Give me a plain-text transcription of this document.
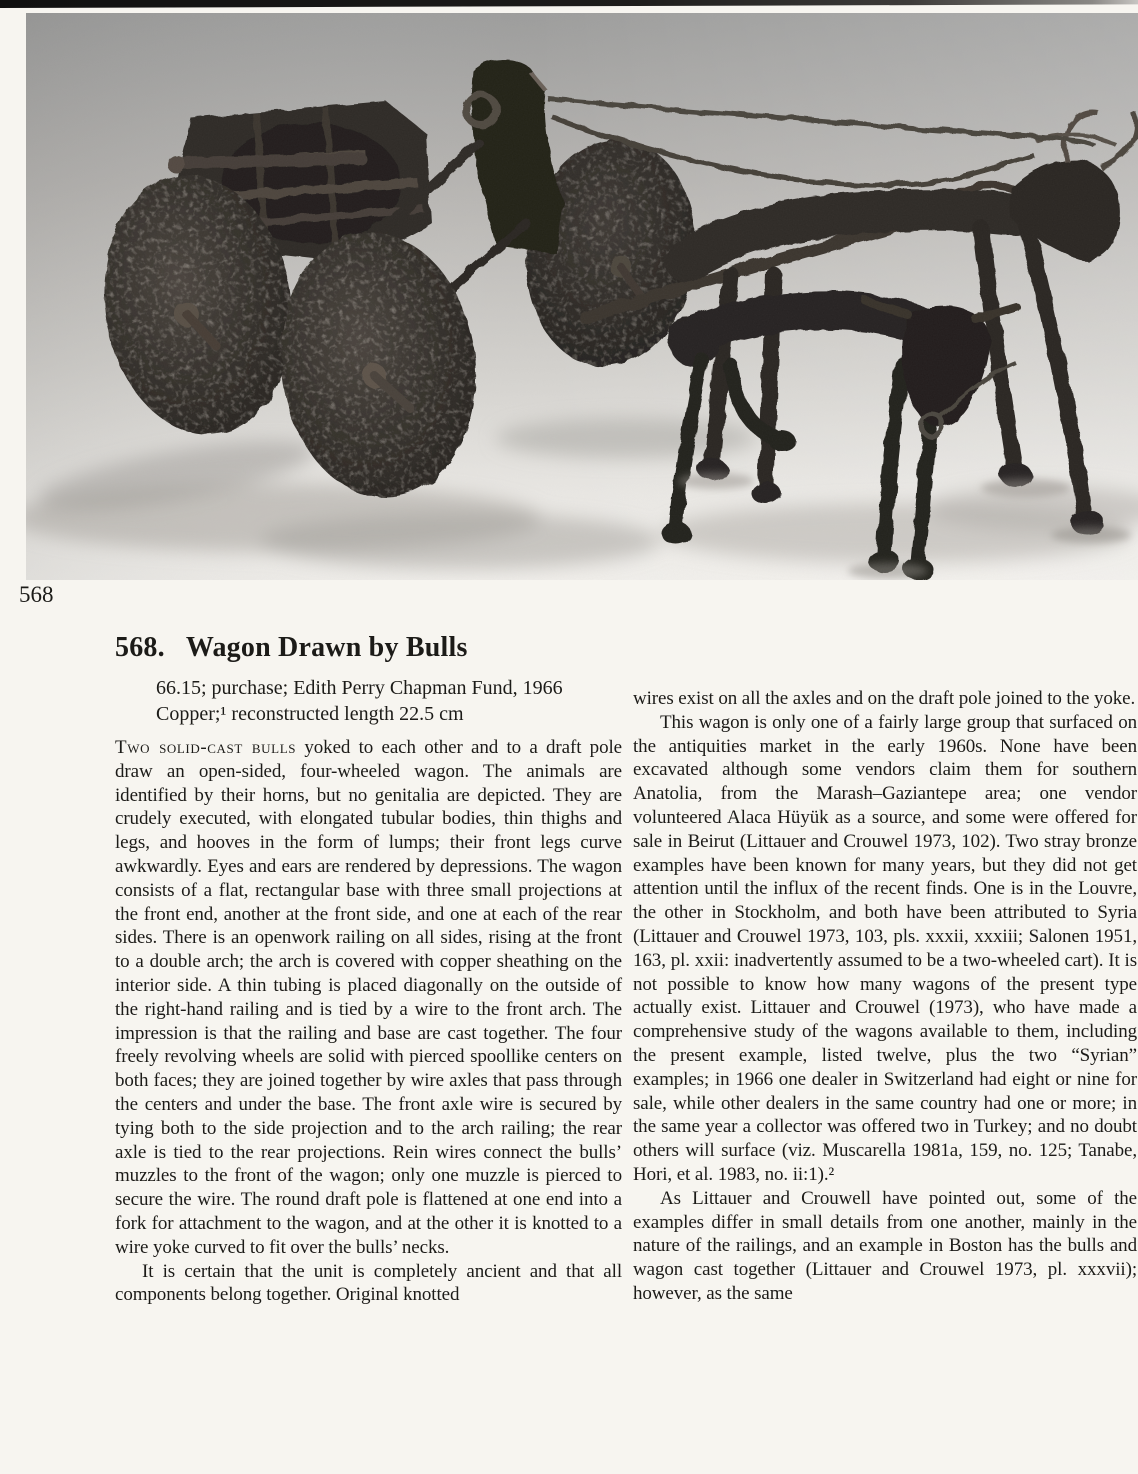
568
568. Wagon Drawn by Bulls
66.15; purchase; Edith Perry Chapman Fund, 1966
Copper;¹ reconstructed length 22.5 cm

Two solid-cast bulls yoked to each other and to a draft pole draw an open-sided, four-wheeled wagon. The animals are identified by their horns, but no genitalia are depicted. They are crudely executed, with elongated tubular bodies, thin thighs and legs, and hooves in the form of lumps; their front legs curve awkwardly. Eyes and ears are rendered by depressions. The wagon consists of a flat, rectangular base with three small projections at the front end, another at the front side, and one at each of the rear sides. There is an openwork railing on all sides, rising at the front to a double arch; the arch is covered with copper sheathing on the interior side. A thin tubing is placed diagonally on the outside of the right-hand railing and is tied by a wire to the front arch. The impression is that the railing and base are cast together. The four freely revolving wheels are solid with pierced spoollike centers on both faces; they are joined together by wire axles that pass through the centers and under the base. The front axle wire is secured by tying both to the side projection and to the arch railing; the rear axle is tied to the rear projections. Rein wires connect the bulls’ muzzles to the front of the wagon; only one muzzle is pierced to secure the wire. The round draft pole is flattened at one end into a fork for attachment to the wagon, and at the other it is knotted to a wire yoke curved to fit over the bulls’ necks.

It is certain that the unit is completely ancient and that all components belong together. Original knotted

wires exist on all the axles and on the draft pole joined to the yoke.

This wagon is only one of a fairly large group that surfaced on the antiquities market in the early 1960s. None have been excavated although some vendors claim them for southern Anatolia, from the Marash–Gaziantepe area; one vendor volunteered Alaca Hüyük as a source, and some were offered for sale in Beirut (Littauer and Crouwel 1973, 102). Two stray bronze examples have been known for many years, but they did not get attention until the influx of the recent finds. One is in the Louvre, the other in Stockholm, and both have been attributed to Syria (Littauer and Crouwel 1973, 103, pls. xxxii, xxxiii; Salonen 1951, 163, pl. xxii: inadvertently assumed to be a two-wheeled cart). It is not possible to know how many wagons of the present type actually exist. Littauer and Crouwel (1973), who have made a comprehensive study of the wagons available to them, including the present example, listed twelve, plus the two “Syrian” examples; in 1966 one dealer in Switzerland had eight or nine for sale, while other dealers in the same country had one or more; in the same year a collector was offered two in Turkey; and no doubt others will surface (viz. Muscarella 1981a, 159, no. 125; Tanabe, Hori, et al. 1983, no. ii:1).²

As Littauer and Crouwell have pointed out, some of the examples differ in small details from one another, mainly in the nature of the railings, and an example in Boston has the bulls and wagon cast together (Littauer and Crouwel 1973, pl. xxxvii); however, as the same
